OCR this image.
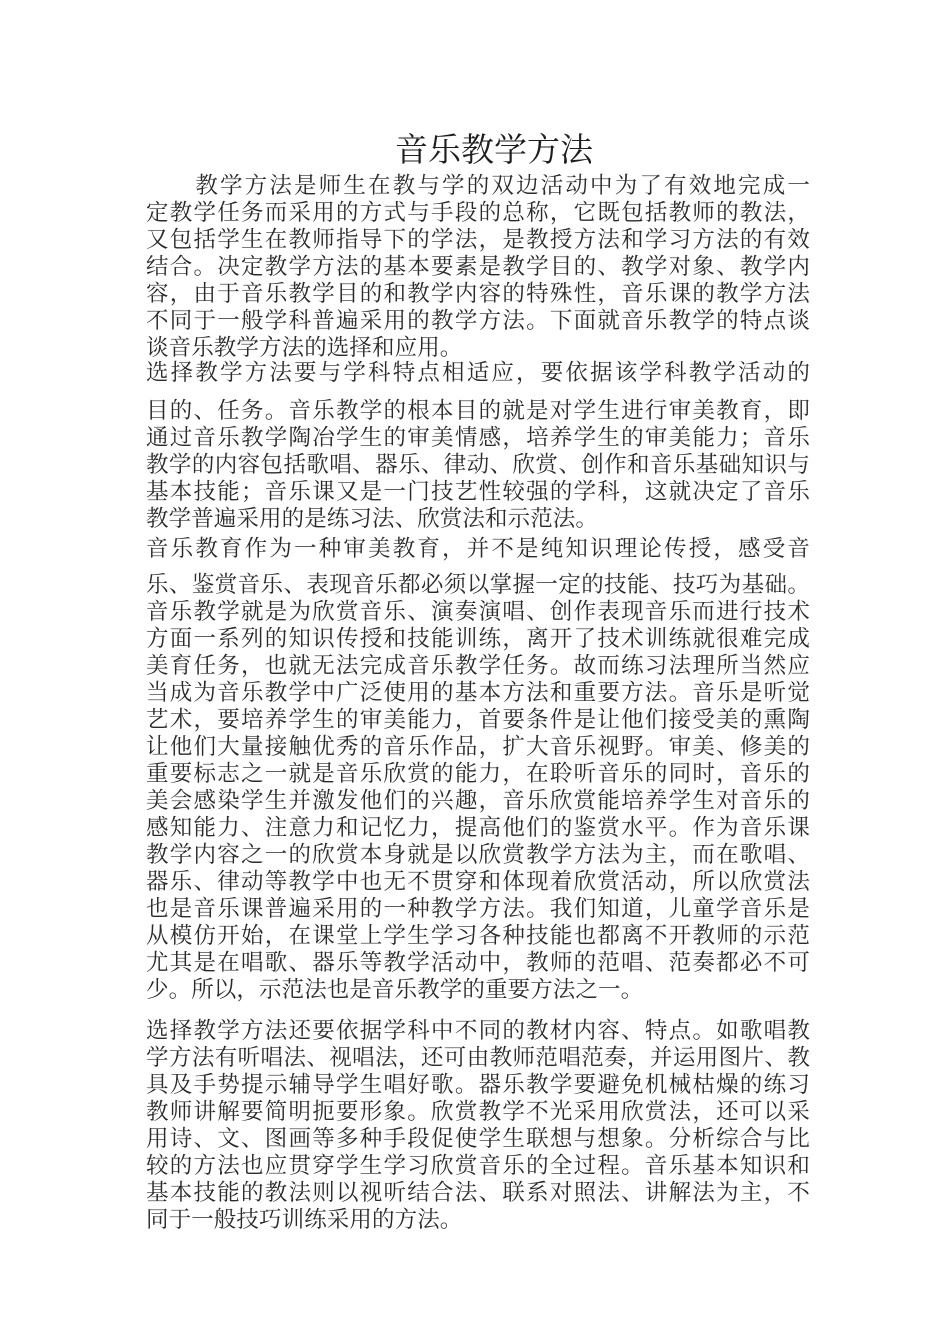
音乐教学方法
　　教学方法是师生在教与学的双边活动中为了有效地完成一
定教学任务而采用的方式与手段的总称，它既包括教师的教法，
又包括学生在教师指导下的学法，是教授方法和学习方法的有效
结合。决定教学方法的基本要素是教学目的、教学对象、教学内
容，由于音乐教学目的和教学内容的特殊性，音乐课的教学方法
不同于一般学科普遍采用的教学方法。下面就音乐教学的特点谈
谈音乐教学方法的选择和应用。
选择教学方法要与学科特点相适应，要依据该学科教学活动的
目的、任务。音乐教学的根本目的就是对学生进行审美教育，即
通过音乐教学陶冶学生的审美情感，培养学生的审美能力；音乐
教学的内容包括歌唱、器乐、律动、欣赏、创作和音乐基础知识与
基本技能；音乐课又是一门技艺性较强的学科，这就决定了音乐
教学普遍采用的是练习法、欣赏法和示范法。
音乐教育作为一种审美教育，并不是纯知识理论传授，感受音
乐、鉴赏音乐、表现音乐都必须以掌握一定的技能、技巧为基础。
音乐教学就是为欣赏音乐、演奏演唱、创作表现音乐而进行技术
方面一系列的知识传授和技能训练，离开了技术训练就很难完成
美育任务，也就无法完成音乐教学任务。故而练习法理所当然应
当成为音乐教学中广泛使用的基本方法和重要方法。音乐是听觉
艺术，要培养学生的审美能力，首要条件是让他们接受美的熏陶
让他们大量接触优秀的音乐作品，扩大音乐视野。审美、修美的
重要标志之一就是音乐欣赏的能力，在聆听音乐的同时，音乐的
美会感染学生并激发他们的兴趣，音乐欣赏能培养学生对音乐的
感知能力、注意力和记忆力，提高他们的鉴赏水平。作为音乐课
教学内容之一的欣赏本身就是以欣赏教学方法为主，而在歌唱、
器乐、律动等教学中也无不贯穿和体现着欣赏活动，所以欣赏法
也是音乐课普遍采用的一种教学方法。我们知道，儿童学音乐是
从模仿开始，在课堂上学生学习各种技能也都离不开教师的示范
尤其是在唱歌、器乐等教学活动中，教师的范唱、范奏都必不可
少。所以，示范法也是音乐教学的重要方法之一。
选择教学方法还要依据学科中不同的教材内容、特点。如歌唱教
学方法有听唱法、视唱法，还可由教师范唱范奏，并运用图片、教
具及手势提示辅导学生唱好歌。器乐教学要避免机械枯燥的练习
教师讲解要简明扼要形象。欣赏教学不光采用欣赏法，还可以采
用诗、文、图画等多种手段促使学生联想与想象。分析综合与比
较的方法也应贯穿学生学习欣赏音乐的全过程。音乐基本知识和
基本技能的教法则以视听结合法、联系对照法、讲解法为主，不
同于一般技巧训练采用的方法。
